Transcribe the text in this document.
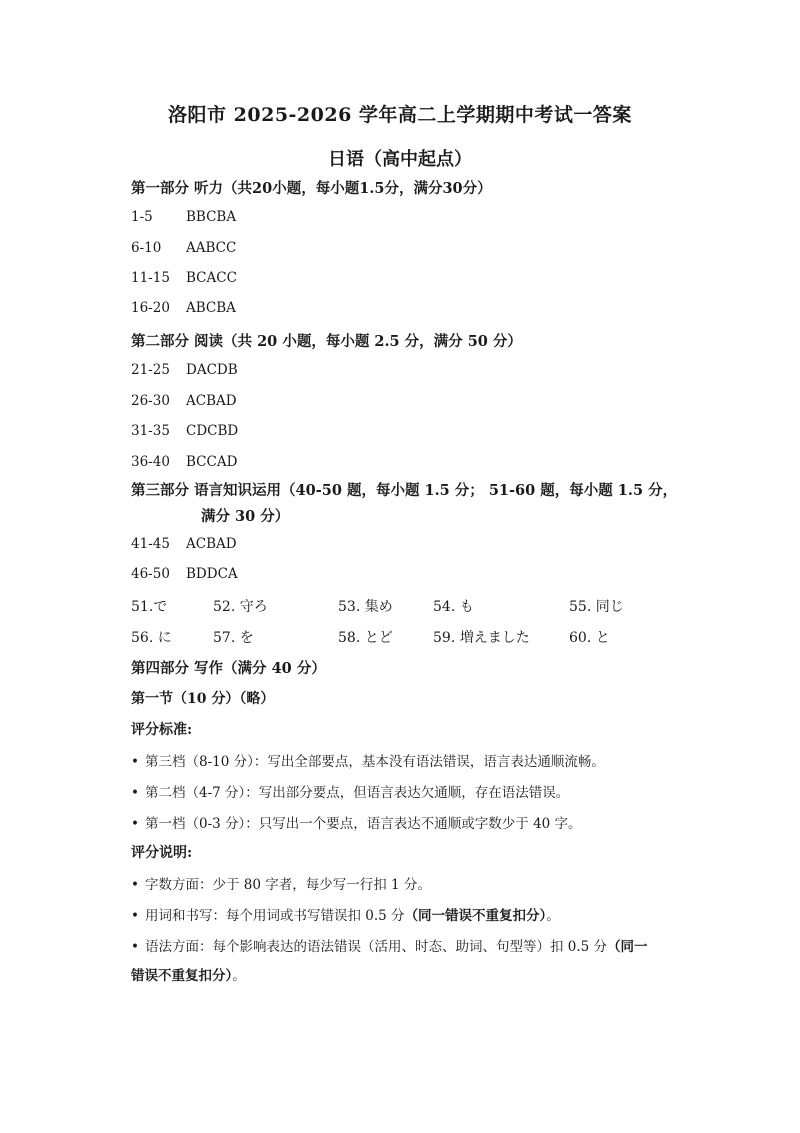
洛阳市 2025-2026 学年高二上学期期中考试一答案
日语（高中起点）
第一部分 听力（共20小题，每小题1.5分，满分30分）
1-5 BBCBA
6-10 AABCC
11-15 BCACC
16-20 ABCBA
第二部分 阅读（共 20 小题，每小题 2.5 分，满分 50 分）
21-25 DACDB
26-30 ACBAD
31-35 CDCBD
36-40 BCCAD
第三部分 语言知识运用（40-50 题，每小题 1.5 分； 51-60 题，每小题 1.5 分，
满分 30 分）
41-45 ACBAD
46-50 BDDCA
51.で	52. 守ろ	53. 集め	54. も	55. 同じ
56. に	57. を	58. とど	59. 増えました	60. と
第四部分 写作（满分 40 分）
第一节（10 分）（略）
评分标准:
• 第三档（8-10 分）：写出全部要点，基本没有语法错误，语言表达通顺流畅。
• 第二档（4-7 分）：写出部分要点，但语言表达欠通顺，存在语法错误。
• 第一档（0-3 分）：只写出一个要点，语言表达不通顺或字数少于 40 字。
评分说明:
• 字数方面：少于 80 字者，每少写一行扣 1 分。
• 用词和书写：每个用词或书写错误扣 0.5 分（同一错误不重复扣分）。
• 语法方面：每个影响表达的语法错误（活用、时态、助词、句型等）扣 0.5 分（同一
错误不重复扣分）。
